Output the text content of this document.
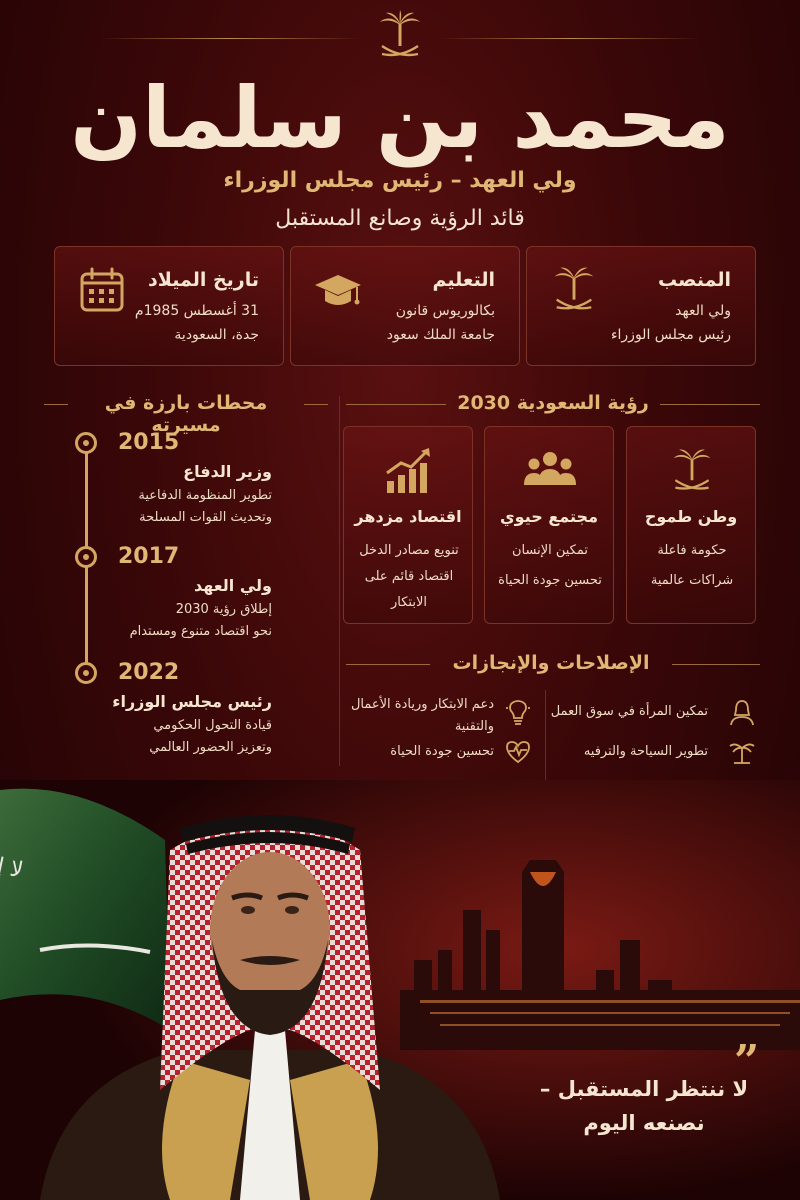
محمد بن سلمان
ولي العهد – رئيس مجلس الوزراء
قائد الرؤية وصانع المستقبل
المنصب

ولي العهد

رئيس مجلس الوزراء

التعليم

بكالوريوس قانون

جامعة الملك سعود

تاريخ الميلاد

31 أغسطس 1985م

جدة، السعودية

محطات بارزة في مسيرته
2015
وزير الدفاع
تطوير المنظومة الدفاعية
وتحديث القوات المسلحة
2017
ولي العهد
إطلاق رؤية 2030
نحو اقتصاد متنوع ومستدام
2022
رئيس مجلس الوزراء
قيادة التحول الحكومي
وتعزيز الحضور العالمي
رؤية السعودية 2030
وطن طموح

حكومة فاعلة

شراكات عالمية

مجتمع حيوي

تمكين الإنسان

تحسين جودة الحياة

اقتصاد مزدهر

تنويع مصادر الدخل

اقتصاد قائم على

الابتكار

الإصلاحات والإنجازات
تمكين المرأة في سوق العمل
تطوير السياحة والترفيه
دعم الابتكار وريادة الأعمال
والتقنية
تحسين جودة الحياة
”
لا ننتظر المستقبل –
نصنعه اليوم
